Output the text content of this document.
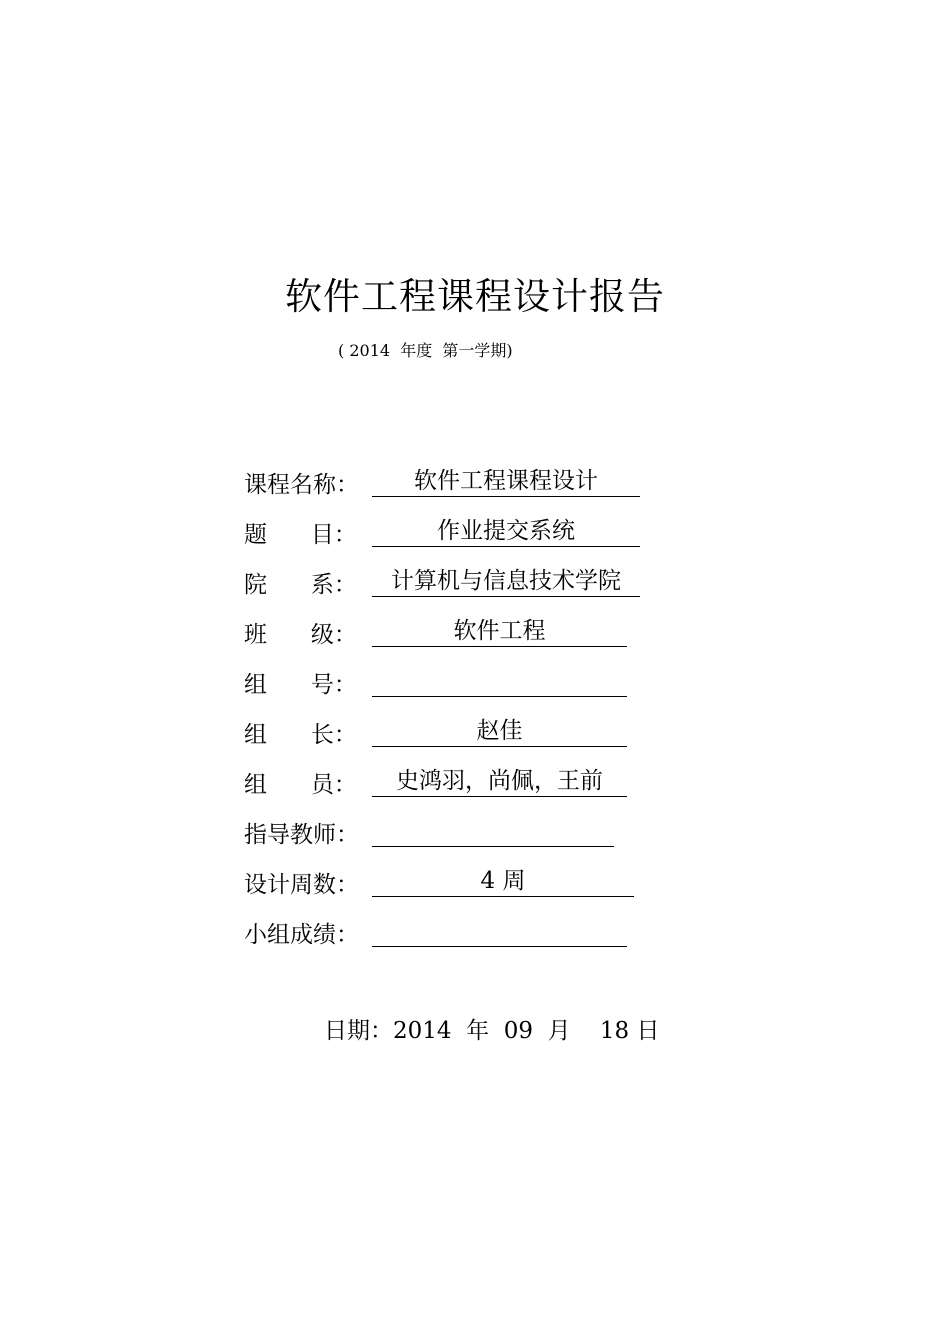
软件工程课程设计报告
( 2014  年度  第一学期)
课程名称：	软件工程课程设计
题      目：	作业提交系统
院      系：	计算机与信息技术学院
班      级：	软件工程
组      号：
组      长：	赵佳
组      员：	史鸿羽，尚佩，王前
指导教师：
设计周数：	4 周
小组成绩：
日期：2014  年  09  月    18 日
